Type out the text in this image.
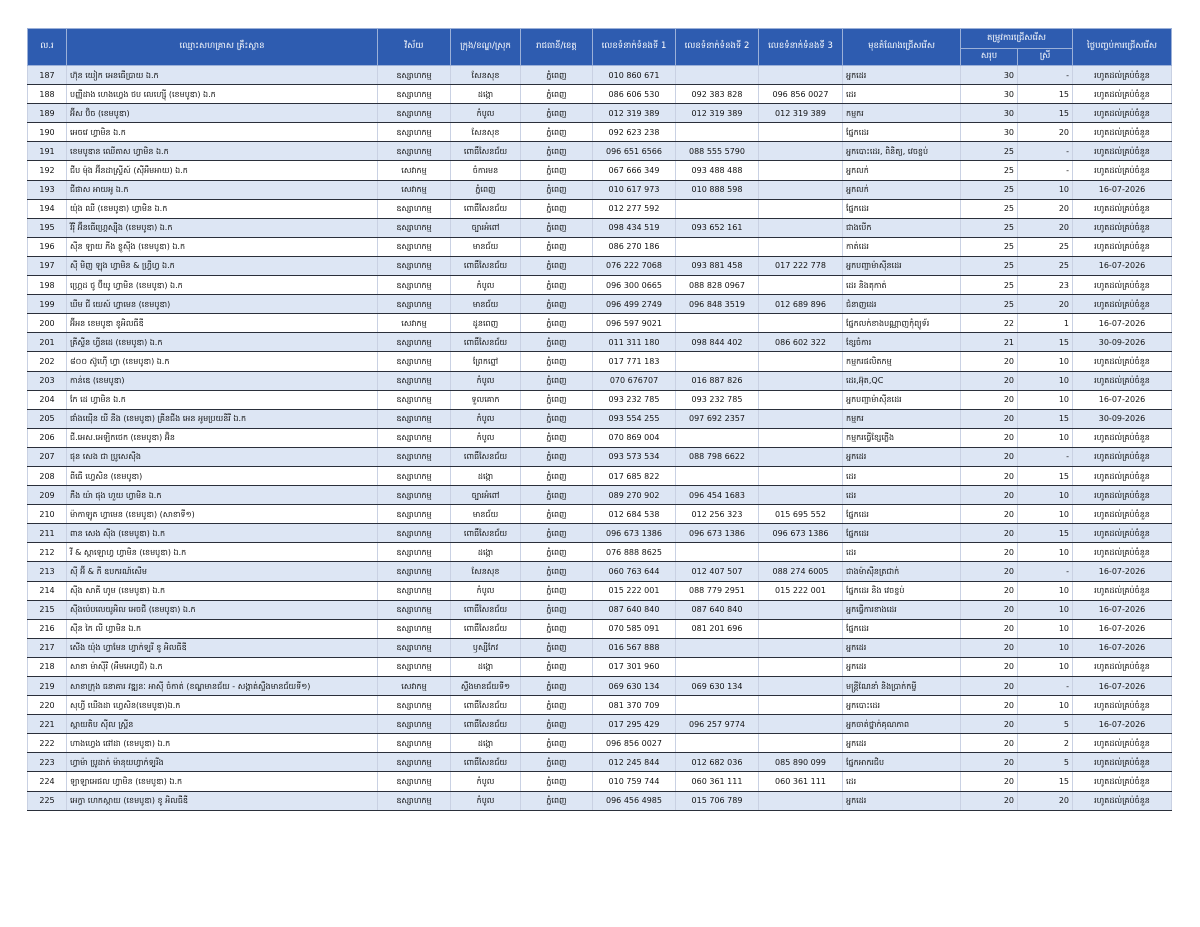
ល.រ	ឈ្មោះសហគ្រាស គ្រឹះស្ថាន	វិស័យ	ក្រុង/ខណ្ឌ/ស្រុក	រាជធានី/ខេត្ត	លេខទំនាក់ទំនងទី 1	លេខទំនាក់ទំនងទី 2	លេខទំនាក់ទំនងទី 3	មុខតំណែងជ្រើសរើស	តម្រូវការជ្រើសរើស		ថ្ងៃបញ្ចប់ការជ្រើសរើស
									សរុប	ស្រី	
187	ហ៊ុន យៀក អេនធើប្រាយ ឯ.ក	ឧស្សាហកម្ម	សែនសុខ	ភ្នំពេញ	010 860 671			អ្នកដេរ	30	-	រហូតដល់គ្រប់ចំនួន
188	បញ្ញីដាង ហេងហ្វេង ថប លេហ្ស៊ើ (ខេមបូឌា) ឯ.ក	ឧស្សាហកម្ម	ដង្កោ	ភ្នំពេញ	086 606 530	092 383 828	096 856 0027	ដេរ	30	15	រហូតដល់គ្រប់ចំនួន
189	អ៊ីស ប៊ិច (ខេមបូឌា)	ឧស្សាហកម្ម	កំបូល	ភ្នំពេញ	012 319 389	012 319 389	012 319 389	កម្មករ	30	15	រហូតដល់គ្រប់ចំនួន
190	អេចវេ ហ្វាមិន ឯ.ក	ឧស្សាហកម្ម	សែនសុខ	ភ្នំពេញ	092 623 238			ផ្នែកដេរ	30	20	រហូតដល់គ្រប់ចំនួន
191	ខេមបូឌាន ឈើតាស ហ្វាមិន ឯ.ក	ឧស្សាហកម្ម	ពោធិ៍សែនជ័យ	ភ្នំពេញ	096 651 6566	088 555 5790		អ្នកបោះដេរ, ពិនិត្យ, វេចខ្ចប់	25	-	រហូតដល់គ្រប់ចំនួន
192	ជីប ម៉ុង អ៊ីនដាស្ទ្រីស៍ (ស៊ីអឹមអាយ) ឯ.ក	សេវាកម្ម	ចំការមន	ភ្នំពេញ	067 666 349	093 488 488		អ្នកលក់	25	-	រហូតដល់គ្រប់ចំនួន
193	ជីផាស អាយអូ ឯ.ក	សេវាកម្ម	ភ្នំពេញ	ភ្នំពេញ	010 617 973	010 888 598		អ្នកលក់	25	10	16-07-2026
194	យ៉ុង ឈី (ខេមបូឌា) ហ្វាមិន ឯ.ក	ឧស្សាហកម្ម	ពោធិ៍សែនជ័យ	ភ្នំពេញ	012 277 592			ផ្នែកដេរ	25	20	រហូតដល់គ្រប់ចំនួន
195	វីរ៉ី អ៊ីនធើហ្គ្រេស្ស៊ីង (ខេមបូឌា) ឯ.ក	ឧស្សាហកម្ម	ច្បារអំពៅ	ភ្នំពេញ	098 434 519	093 652 161		ជាងបើក	25	20	រហូតដល់គ្រប់ចំនួន
196	ស៊ីន ឡាយ ភីង ខ្លូស៊ីង (ខេមបូឌា) ឯ.ក	ឧស្សាហកម្ម	មានជ័យ	ភ្នំពេញ	086 270 186			កាត់ដេរ	25	25	រហូតដល់គ្រប់ចំនួន
197	ស៊ី មិញ ឡុង ហ្វាមិន & ហ្វ្រីហ្វ ឯ.ក	ឧស្សាហកម្ម	ពោធិ៍សែនជ័យ	ភ្នំពេញ	076 222 7068	093 881 458	017 222 778	អ្នកបញ្ជាម៉ាស៊ីនដេរ	25	25	16-07-2026
198	ហ្គ្រេដ ថូ ប៊ីយូ ហ្វាមិន (ខេមបូឌា) ឯ.ក	ឧស្សាហកម្ម	កំបូល	ភ្នំពេញ	096 300 0665	088 828 0967		ដេរ និងតុកាត់	25	23	រហូតដល់គ្រប់ចំនួន
199	ឃីម ជី យេស៍ ហ្វាមេន (ខេមបូឌា)	ឧស្សាហកម្ម	មានជ័យ	ភ្នំពេញ	096 499 2749	096 848 3519	012 689 896	ជំនាញដេរ	25	20	រហូតដល់គ្រប់ចំនួន
200	អ៊ីអន ខេមបូឌា ខូអិលធីឌី	សេវាកម្ម	ដូនពេញ	ភ្នំពេញ	096 597 9021			ផ្នែកលក់ខាងបណ្ណាញកុំព្យូទ័រ	22	1	16-07-2026
201	គ្រីស្ទីន ហ្វីនដេ (ខេមបូឌា) ឯ.ក	ឧស្សាហកម្ម	ពោធិ៍សែនជ័យ	ភ្នំពេញ	011 311 180	098 844 402	086 602 322	ខ្សែចំការ	21	15	30-09-2026
202	៨០០ ស៊ូហ៊ើ ហ្វា (ខេមបូឌា) ឯ.ក	ឧស្សាហកម្ម	ព្រែកព្នៅ	ភ្នំពេញ	017 771 183			កម្មករផលិតកម្ម	20	10	រហូតដល់គ្រប់ចំនួន
203	កាន់ឌេ (ខេមបូឌា)	ឧស្សាហកម្ម	កំបូល	ភ្នំពេញ	070 676707	016 887 826		ដេរ,អ៊ុត,QC	20	10	រហូតដល់គ្រប់ចំនួន
204	កែ ដេ ហ្វាមិន ឯ.ក	ឧស្សាហកម្ម	ទួលគោក	ភ្នំពេញ	093 232 785	093 232 785		អ្នកបញ្ជាម៉ាស៊ីនដេរ	20	10	16-07-2026
205	ផាំងយ៉ើន យី នីង (ខេមបូឌា) គ្រីនជីង អេន អូមប្រយនីរី ឯ.ក	ឧស្សាហកម្ម	កំបូល	ភ្នំពេញ	093 554 255	097 692 2357		កម្មករ	20	15	30-09-2026
206	ជី.អេស.អេឡិកថេក (ខេមបូឌា) អ៊ិន	ឧស្សាហកម្ម	កំបូល	ភ្នំពេញ	070 869 004			កម្មករធ្វើខ្សែភ្លើង	20	10	រហូតដល់គ្រប់ចំនួន
207	ផុន សេង ជា ប្រូសេស៊ីង	ឧស្សាហកម្ម	ពោធិ៍សែនជ័យ	ភ្នំពេញ	093 573 534	088 798 6622		អ្នកដេរ	20	-	រហូតដល់គ្រប់ចំនួន
208	ពីធើ ហ្វេសិន (ខេមបូឌា)	ឧស្សាហកម្ម	ដង្កោ	ភ្នំពេញ	017 685 822			ដេរ	20	15	រហូតដល់គ្រប់ចំនួន
209	ភឹង យ៉ា ផុង ហួយ ហ្វាមិន ឯ.ក	ឧស្សាហកម្ម	ច្បារអំពៅ	ភ្នំពេញ	089 270 902	096 454 1683		ដេរ	20	10	រហូតដល់គ្រប់ចំនួន
210	ម៉ាកាឡូត ហ្វាមេន (ខេមបូឌា) (សាខាទី១)	ឧស្សាហកម្ម	មានជ័យ	ភ្នំពេញ	012 684 538	012 256 323	015 695 552	ផ្នែកដេរ	20	10	រហូតដល់គ្រប់ចំនួន
211	ពាន សេង ស៊ីង (ខេមបូឌា) ឯ.ក	ឧស្សាហកម្ម	ពោធិ៍សែនជ័យ	ភ្នំពេញ	096 673 1386	096 673 1386	096 673 1386	ផ្នែកដេរ	20	15	រហូតដល់គ្រប់ចំនួន
212	វី & ស្ពាឡោហ្វ ហ្វាមិន (ខេមបូឌា) ឯ.ក	ឧស្សាហកម្ម	ដង្កោ	ភ្នំពេញ	076 888 8625			ដេរ	20	10	រហូតដល់គ្រប់ចំនួន
213	ស៊ី អ៊ី & ភី ឧបករណ៍សើម	ឧស្សាហកម្ម	សែនសុខ	ភ្នំពេញ	060 763 644	012 407 507	088 274 6005	ជាងម៉ាស៊ីនត្រជាក់	20	-	16-07-2026
214	ស៊ីង សាគី ហូម (ខេមបូឌា) ឯ.ក	ឧស្សាហកម្ម	កំបូល	ភ្នំពេញ	015 222 001	088 779 2951	015 222 001	ផ្នែកដេរ និង វេចខ្ចប់	20	10	រហូតដល់គ្រប់ចំនួន
215	ស៊ីងប៉េបលេយូអិល អេចជី (ខេមបូឌា) ឯ.ក	ឧស្សាហកម្ម	ពោធិ៍សែនជ័យ	ភ្នំពេញ	087 640 840	087 640 840		អ្នកធ្វើការខាងដេរ	20	10	16-07-2026
216	ស៊ីន កៃ លី ហ្វាមិន ឯ.ក	ឧស្សាហកម្ម	ពោធិ៍សែនជ័យ	ភ្នំពេញ	070 585 091	081 201 696		ផ្នែកដេរ	20	10	16-07-2026
217	សើង យ៉ុង ហ្វាមែន ហ្វាក់ទ្បរី ខូ អិលធីឌី	ឧស្សាហកម្ម	ឫស្សីកែវ	ភ្នំពេញ	016 567 888			អ្នកដេរ	20	10	16-07-2026
218	សាខា ម៉ាស៊ីរី (អឹមអេហ្វជី) ឯ.ក	ឧស្សាហកម្ម	ដង្កោ	ភ្នំពេញ	017 301 960			អ្នកដេរ	20	10	រហូតដល់គ្រប់ចំនួន
219	សាខាក្រុង ធនាគារ វឌ្ឍនៈ អាស៊ី ចំកាត់ (ខណ្ឌមានជ័យ - សង្កាត់ស្ទឹងមានជ័យទី១)	សេវាកម្ម	ស្ទឹងមានជ័យទី១	ភ្នំពេញ	069 630 134	069 630 134		មន្ត្រីណែនាំ និងប្រាក់កម្ចី	20	-	16-07-2026
220	សុហ្វី ឃើងដា ហ្វេសិន(ខេមបូឌា)ឯ.ក	ឧស្សាហកម្ម	ពោធិ៍សែនជ័យ	ភ្នំពេញ	081 370 709			អ្នកបោះដេរ	20	10	រហូតដល់គ្រប់ចំនួន
221	ស្ពាយតិប ស៊ីល ស្ត្រីន	ឧស្សាហកម្ម	ពោធិ៍សែនជ័យ	ភ្នំពេញ	017 295 429	096 257 9774		អ្នកចាត់ថ្នាក់គុណភាព	20	5	16-07-2026
222	ហាងហ្វេង ផៅដា (ខេមបូឌា) ឯ.ក	ឧស្សាហកម្ម	ដង្កោ	ភ្នំពេញ	096 856 0027			អ្នកដេរ	20	2	រហូតដល់គ្រប់ចំនួន
223	ហ្វាម៉ា ប្រូដាក់ ម៉ានុយហ្វាក់ទ្បរីង	ឧស្សាហកម្ម	ពោធិ៍សែនជ័យ	ភ្នំពេញ	012 245 844	012 682 036	085 890 099	ផ្នែកអាករជិប	20	5	រហូតដល់គ្រប់ចំនួន
224	ឡាឡាអេផល ហ្វាមិន (ខេមបូឌា) ឯ.ក	ឧស្សាហកម្ម	កំបូល	ភ្នំពេញ	010 759 744	060 361 111	060 361 111	ដេរ	20	15	រហូតដល់គ្រប់ចំនួន
225	អេក្វា ហេកស្កាយ (ខេមបូឌា) ខូ អិលធីឌី	ឧស្សាហកម្ម	កំបូល	ភ្នំពេញ	096 456 4985	015 706 789		អ្នកដេរ	20	20	រហូតដល់គ្រប់ចំនួន
